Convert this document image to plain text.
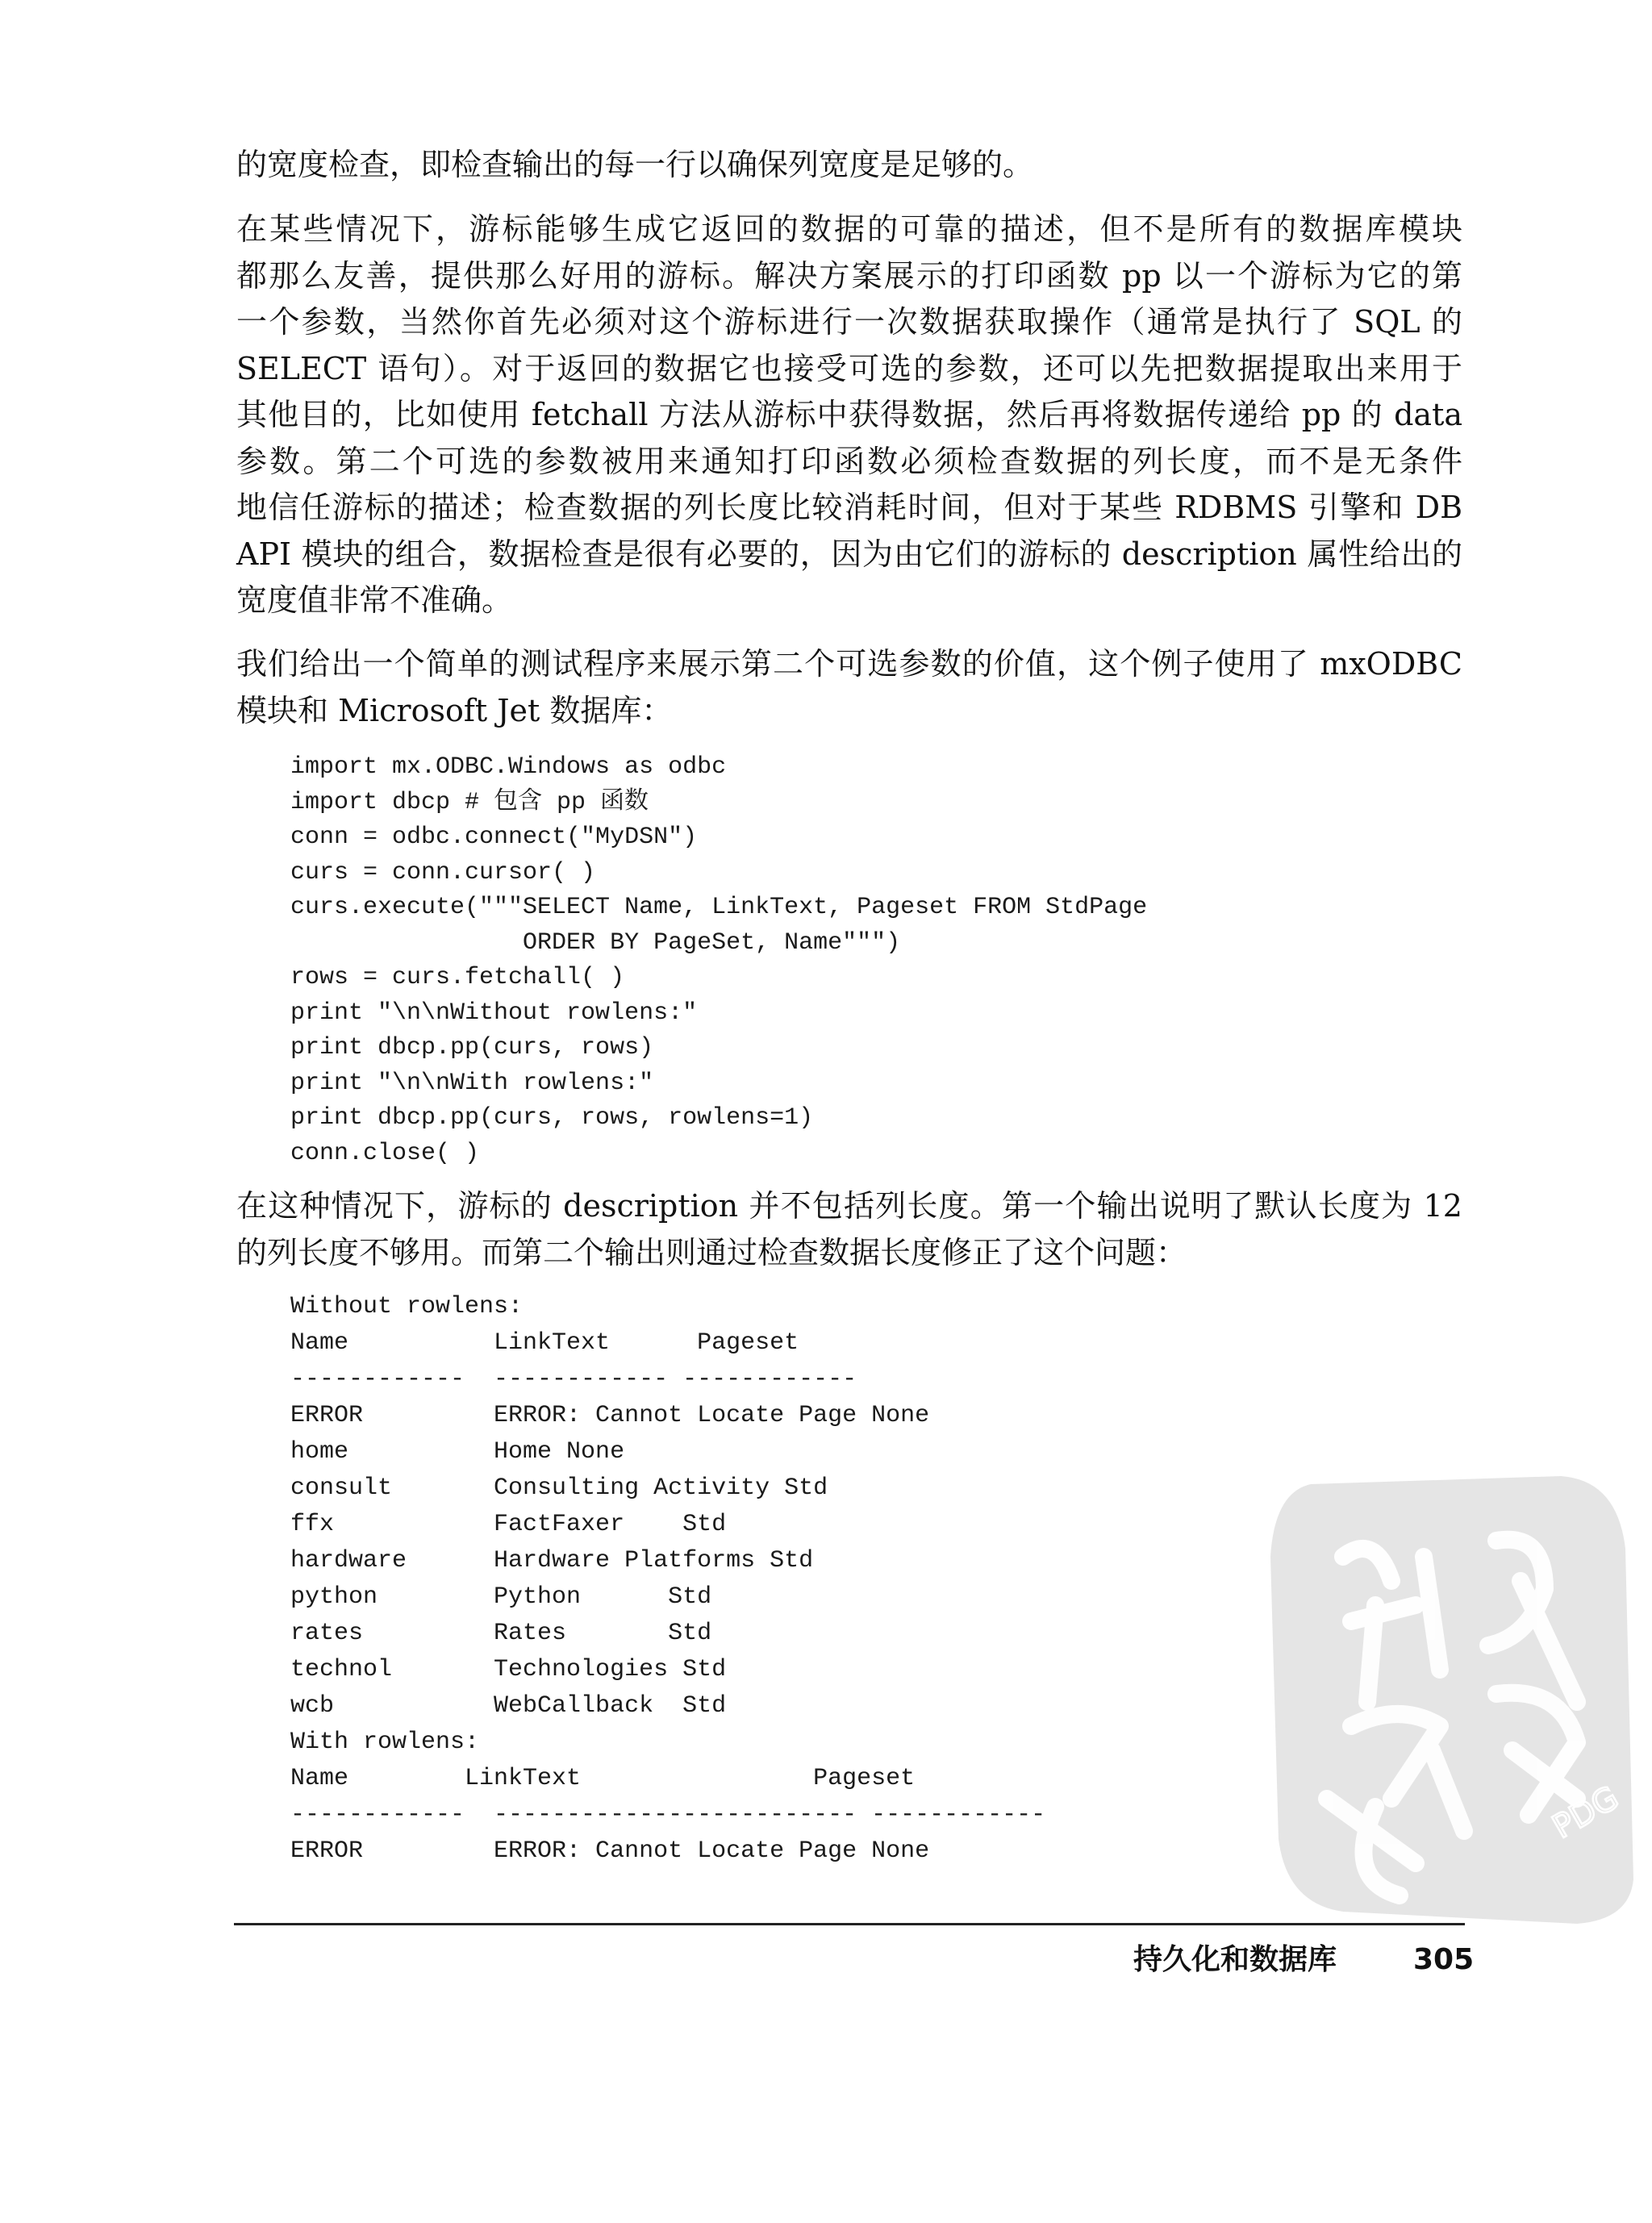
的宽度检查，即检查输出的每一行以确保列宽度是足够的。
在某些情况下，游标能够生成它返回的数据的可靠的描述，但不是所有的数据库模块
都那么友善，提供那么好用的游标。解决方案展示的打印函数 pp 以一个游标为它的第
一个参数，当然你首先必须对这个游标进行一次数据获取操作（通常是执行了 SQL 的
SELECT 语句）。对于返回的数据它也接受可选的参数，还可以先把数据提取出来用于
其他目的，比如使用 fetchall 方法从游标中获得数据，然后再将数据传递给 pp 的 data
参数。第二个可选的参数被用来通知打印函数必须检查数据的列长度，而不是无条件
地信任游标的描述；检查数据的列长度比较消耗时间，但对于某些 RDBMS 引擎和 DB
API 模块的组合，数据检查是很有必要的，因为由它们的游标的 description 属性给出的
宽度值非常不准确。
我们给出一个简单的测试程序来展示第二个可选参数的价值，这个例子使用了 mxODBC
模块和 Microsoft Jet 数据库：
import mx.ODBC.Windows as odbc
import dbcp # 包含 pp 函数
conn = odbc.connect("MyDSN")
curs = conn.cursor( )
curs.execute("""SELECT Name, LinkText, Pageset FROM StdPage
ORDER BY PageSet, Name""")
rows = curs.fetchall( )
print "\n\nWithout rowlens:"
print dbcp.pp(curs, rows)
print "\n\nWith rowlens:"
print dbcp.pp(curs, rows, rowlens=1)
conn.close( )
在这种情况下，游标的 description 并不包括列长度。第一个输出说明了默认长度为 12
的列长度不够用。而第二个输出则通过检查数据长度修正了这个问题：
Without rowlens:
Name          LinkText      Pageset
------------  ------------ ------------
ERROR         ERROR: Cannot Locate Page None
home          Home None
consult       Consulting Activity Std
ffx           FactFaxer    Std
hardware      Hardware Platforms Std
python        Python      Std
rates         Rates       Std
technol       Technologies Std
wcb           WebCallback  Std
With rowlens:
Name        LinkText                Pageset
------------  ------------------------- ------------
ERROR         ERROR: Cannot Locate Page None
PDG
持久化和数据库	305
